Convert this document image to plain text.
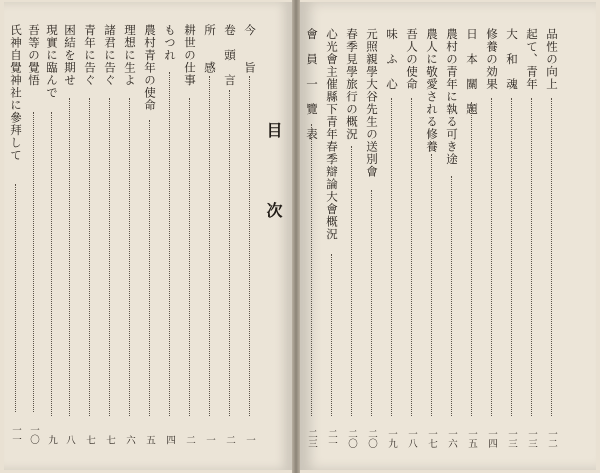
今　　旨
一
卷　頭　言
二
所　　感
一
耕世の仕事
二
もつれ
四
農村青年の使命
五
理想に生よ
六
諸君に告ぐ
七
青年に告ぐ
七
困結を期せ
八
現實に臨んで
九
吾等の覺悟
一〇
氏神自覺神社に參拜して
一一
目　次
品性の向上
一二
起て、青年
一三
大　和　魂
一三
修養の効果
一四
日　本　關　題
一五
農村の青年に執る可き途
一六
農人に敬愛される修養
一七
吾人の使命
一八
味　ふ　心
一九
元照親學大谷先生の送別會
二〇
春季見學旅行の概況
二〇
心光會主催縣下青年春季辯論大會概況
二一
會　員　一　覽　表
二三
